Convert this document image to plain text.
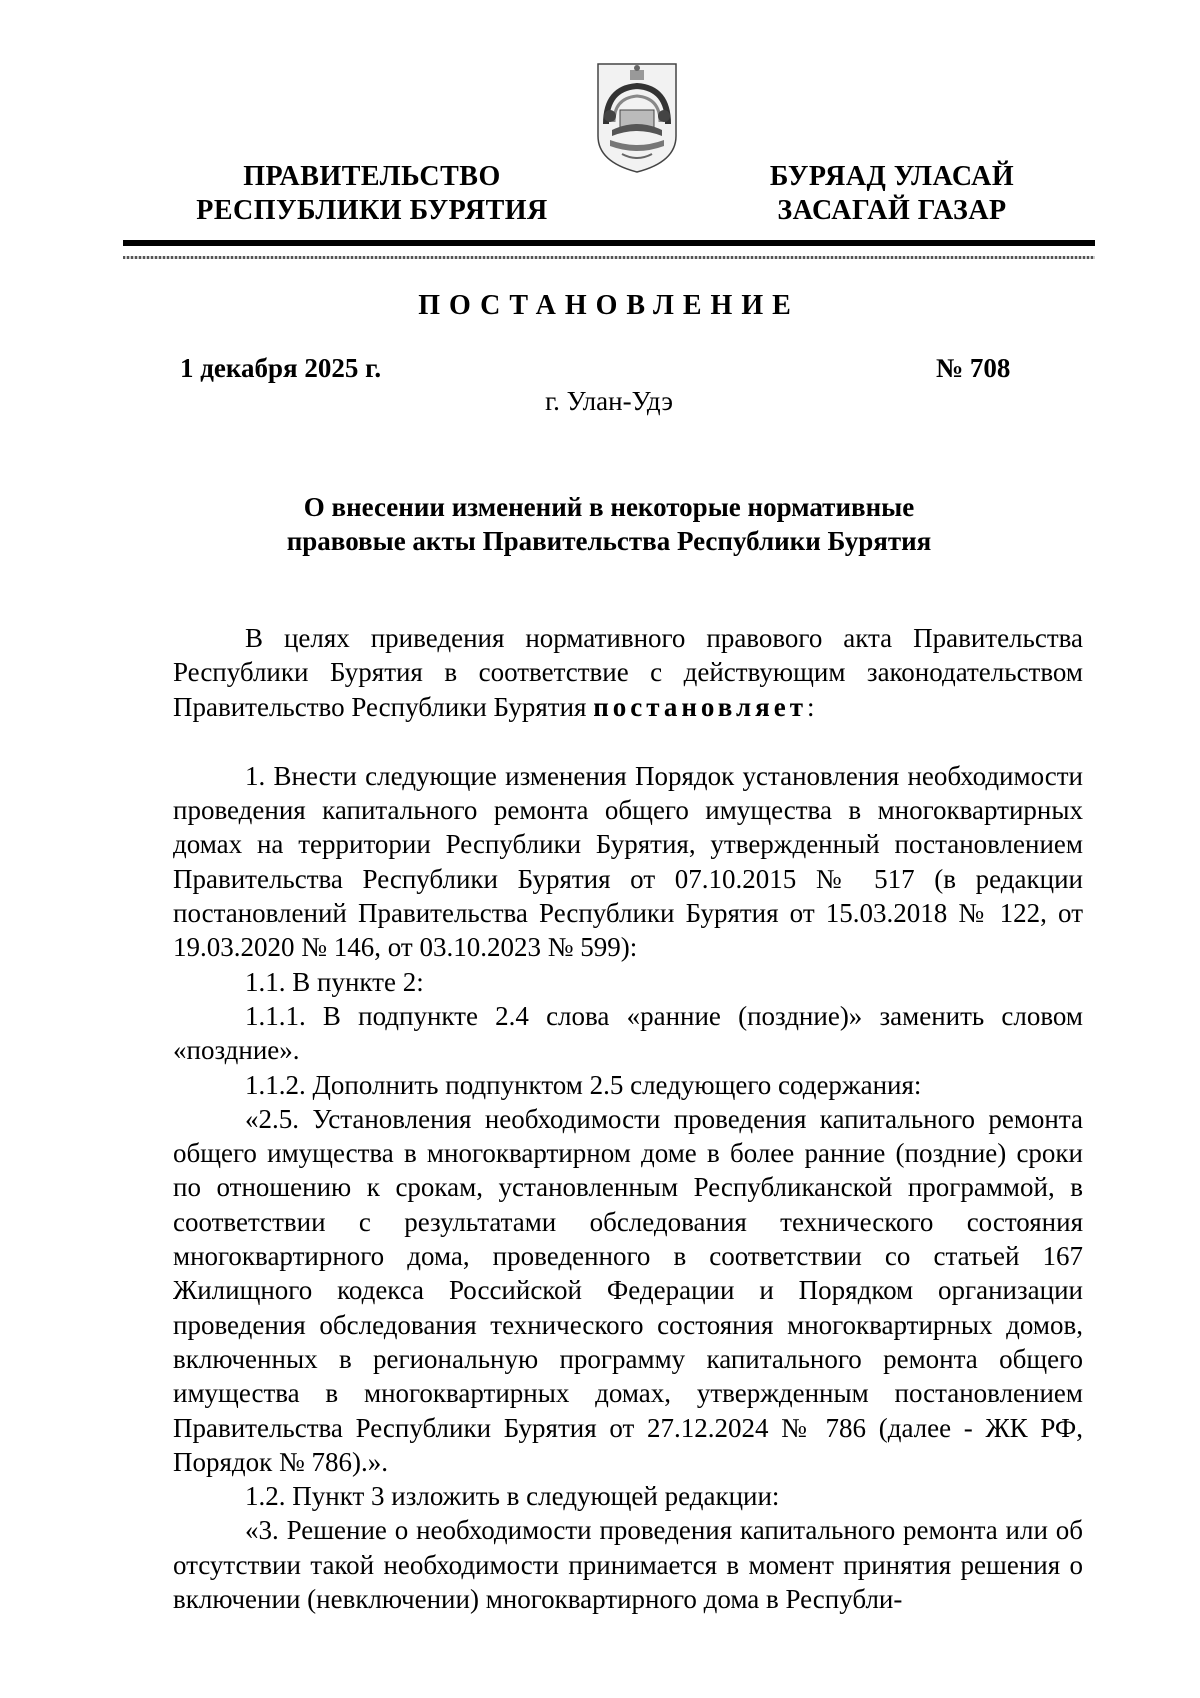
ПРАВИТЕЛЬСТВО
РЕСПУБЛИКИ БУРЯТИЯ
БУРЯАД УЛАСАЙ
ЗАСАГАЙ ГАЗАР
ПОСТАНОВЛЕНИЕ
1 декабря 2025 г.	№ 708
г. Улан-Удэ
О внесении изменений в некоторые нормативные
правовые акты Правительства Республики Бурятия

В целях приведения нормативного правового акта Правительства Республики Бурятия в соответствие с действующим законодательством Правительство Республики Бурятия постановляет:

1. Внести следующие изменения Порядок установления необходимости проведения капитального ремонта общего имущества в многоквартирных домах на территории Республики Бурятия, утвержденный постановлением Правительства Республики Бурятия от 07.10.2015 № 517 (в редакции постановлений Правительства Республики Бурятия от 15.03.2018 № 122, от 19.03.2020 № 146, от 03.10.2023 № 599):

1.1. В пункте 2:

1.1.1. В подпункте 2.4 слова «ранние (поздние)» заменить словом «поздние».

1.1.2. Дополнить подпунктом 2.5 следующего содержания:

«2.5. Установления необходимости проведения капитального ремонта общего имущества в многоквартирном доме в более ранние (поздние) сроки по отношению к срокам, установленным Республиканской программой, в соответствии с результатами обследования технического состояния многоквартирного дома, проведенного в соответствии со статьей 167 Жилищного кодекса Российской Федерации и Порядком организации проведения обследования технического состояния многоквартирных домов, включенных в региональную программу капитального ремонта общего имущества в многоквартирных домах, утвержденным постановлением Правительства Республики Бурятия от 27.12.2024 № 786 (далее - ЖК РФ, Порядок № 786).».

1.2. Пункт 3 изложить в следующей редакции:

«3. Решение о необходимости проведения капитального ремонта или об отсутствии такой необходимости принимается в момент принятия решения о включении (невключении) многоквартирного дома в Республи-
